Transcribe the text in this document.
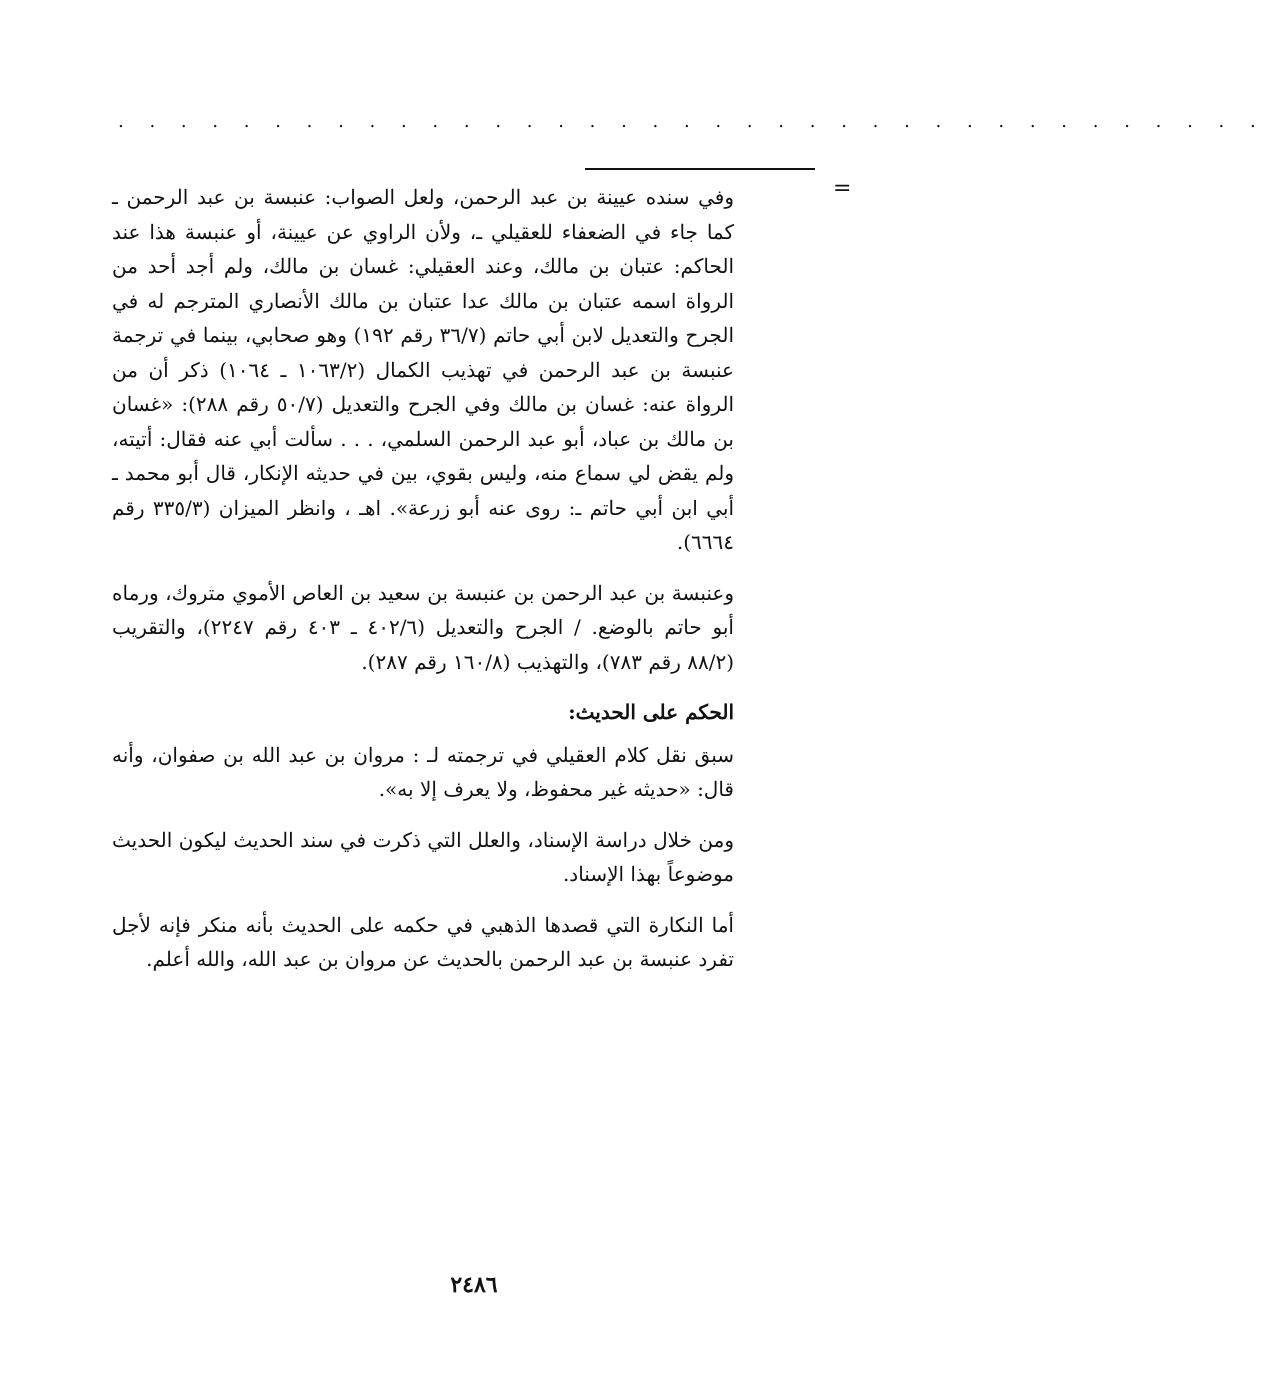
. . . . . . . . . . . . . . . . . . . . . . . . . . . . . . . . . . . . .
=

وفي سنده عيينة بن عبد الرحمن، ولعل الصواب: عنبسة بن عبد الرحمن ـ كما جاء في الضعفاء للعقيلي ـ، ولأن الراوي عن عيينة، أو عنبسة هذا عند الحاكم: عتبان بن مالك، وعند العقيلي: غسان بن مالك، ولم أجد أحد من الرواة اسمه عتبان بن مالك عدا عتبان بن مالك الأنصاري المترجم له في الجرح والتعديل لابن أبي حاتم (٣٦/٧ رقم ١٩٢) وهو صحابي، بينما في ترجمة عنبسة بن عبد الرحمن في تهذيب الكمال (١٠٦٣/٢ ـ ١٠٦٤) ذكر أن من الرواة عنه: غسان بن مالك وفي الجرح والتعديل (٥٠/٧ رقم ٢٨٨): «غسان بن مالك بن عباد، أبو عبد الرحمن السلمي، . . . سألت أبي عنه فقال: أتيته، ولم يقض لي سماع منه، وليس بقوي، بين في حديثه الإنكار، قال أبو محمد ـ أبي ابن أبي حاتم ـ: روى عنه أبو زرعة». اهـ ، وانظر الميزان (٣٣٥/٣ رقم ٦٦٦٤).

وعنبسة بن عبد الرحمن بن عنبسة بن سعيد بن العاص الأموي متروك، ورماه أبو حاتم بالوضع. / الجرح والتعديل (٤٠٢/٦ ـ ٤٠٣ رقم ٢٢٤٧)، والتقريب (٨٨/٢ رقم ٧٨٣)، والتهذيب (١٦٠/٨ رقم ٢٨٧).

الحكم على الحديث:

سبق نقل كلام العقيلي في ترجمته لـ : مروان بن عبد الله بن صفوان، وأنه قال: «حديثه غير محفوظ، ولا يعرف إلا به».

ومن خلال دراسة الإسناد، والعلل التي ذكرت في سند الحديث ليكون الحديث موضوعاً بهذا الإسناد.

أما النكارة التي قصدها الذهبي في حكمه على الحديث بأنه منكر فإنه لأجل تفرد عنبسة بن عبد الرحمن بالحديث عن مروان بن عبد الله، والله أعلم.

٢٤٨٦
